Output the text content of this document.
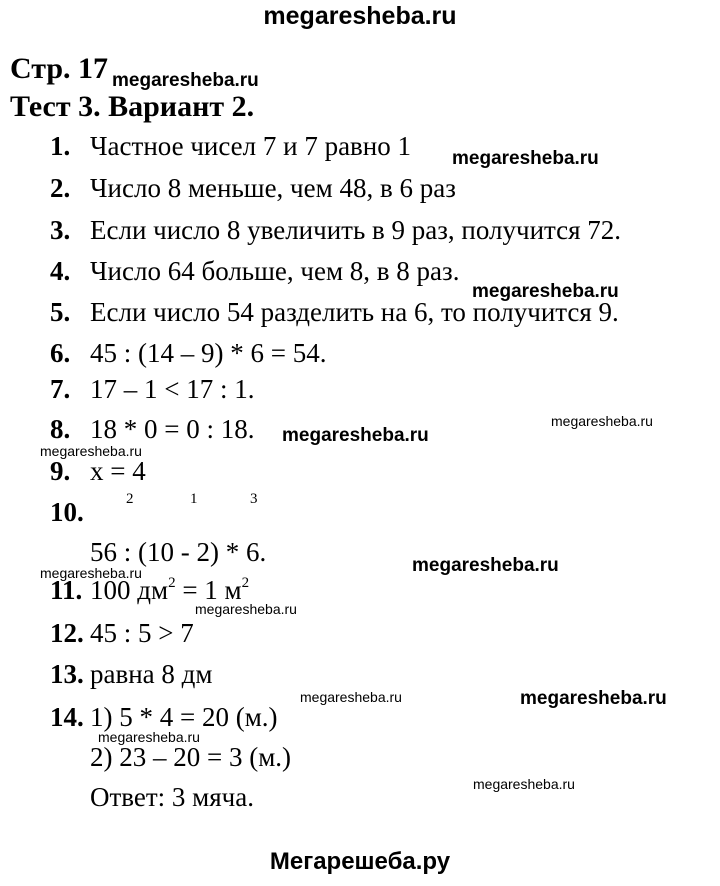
megaresheba.ru
Стр. 17 megaresheba.ru
Тест 3. Вариант 2.
1. Частное чисел 7 и 7 равно 1 megaresheba.ru
2. Число 8 меньше, чем 48, в 6 раз
3. Если число 8 увеличить в 9 раз, получится 72.
4. Число 64 больше, чем 8, в 8 раз.
megaresheba.ru
5. Если число 54 разделить на 6, то получится 9.
6. 45 : (14 – 9) * 6 = 54.
7. 17 – 1 < 17 : 1.
megaresheba.ru
8. 18 * 0 = 0 : 18. megaresheba.ru
megaresheba.ru
9. x = 4
10.	2	1	3
56 : (10 - 2) * 6.	megaresheba.ru
megaresheba.ru
11. 100 $дм^2 = 1$ $м^2$
megaresheba.ru
12. 45 : 5 > 7
13. равна 8 дм
megaresheba.ru	megaresheba.ru
14. 1) 5 * 4 = 20 (м.)
megaresheba.ru
2) 23 – 20 = 3 (м.)
megaresheba.ru
Ответ: 3 мяча.
Мегарешеба.ру
